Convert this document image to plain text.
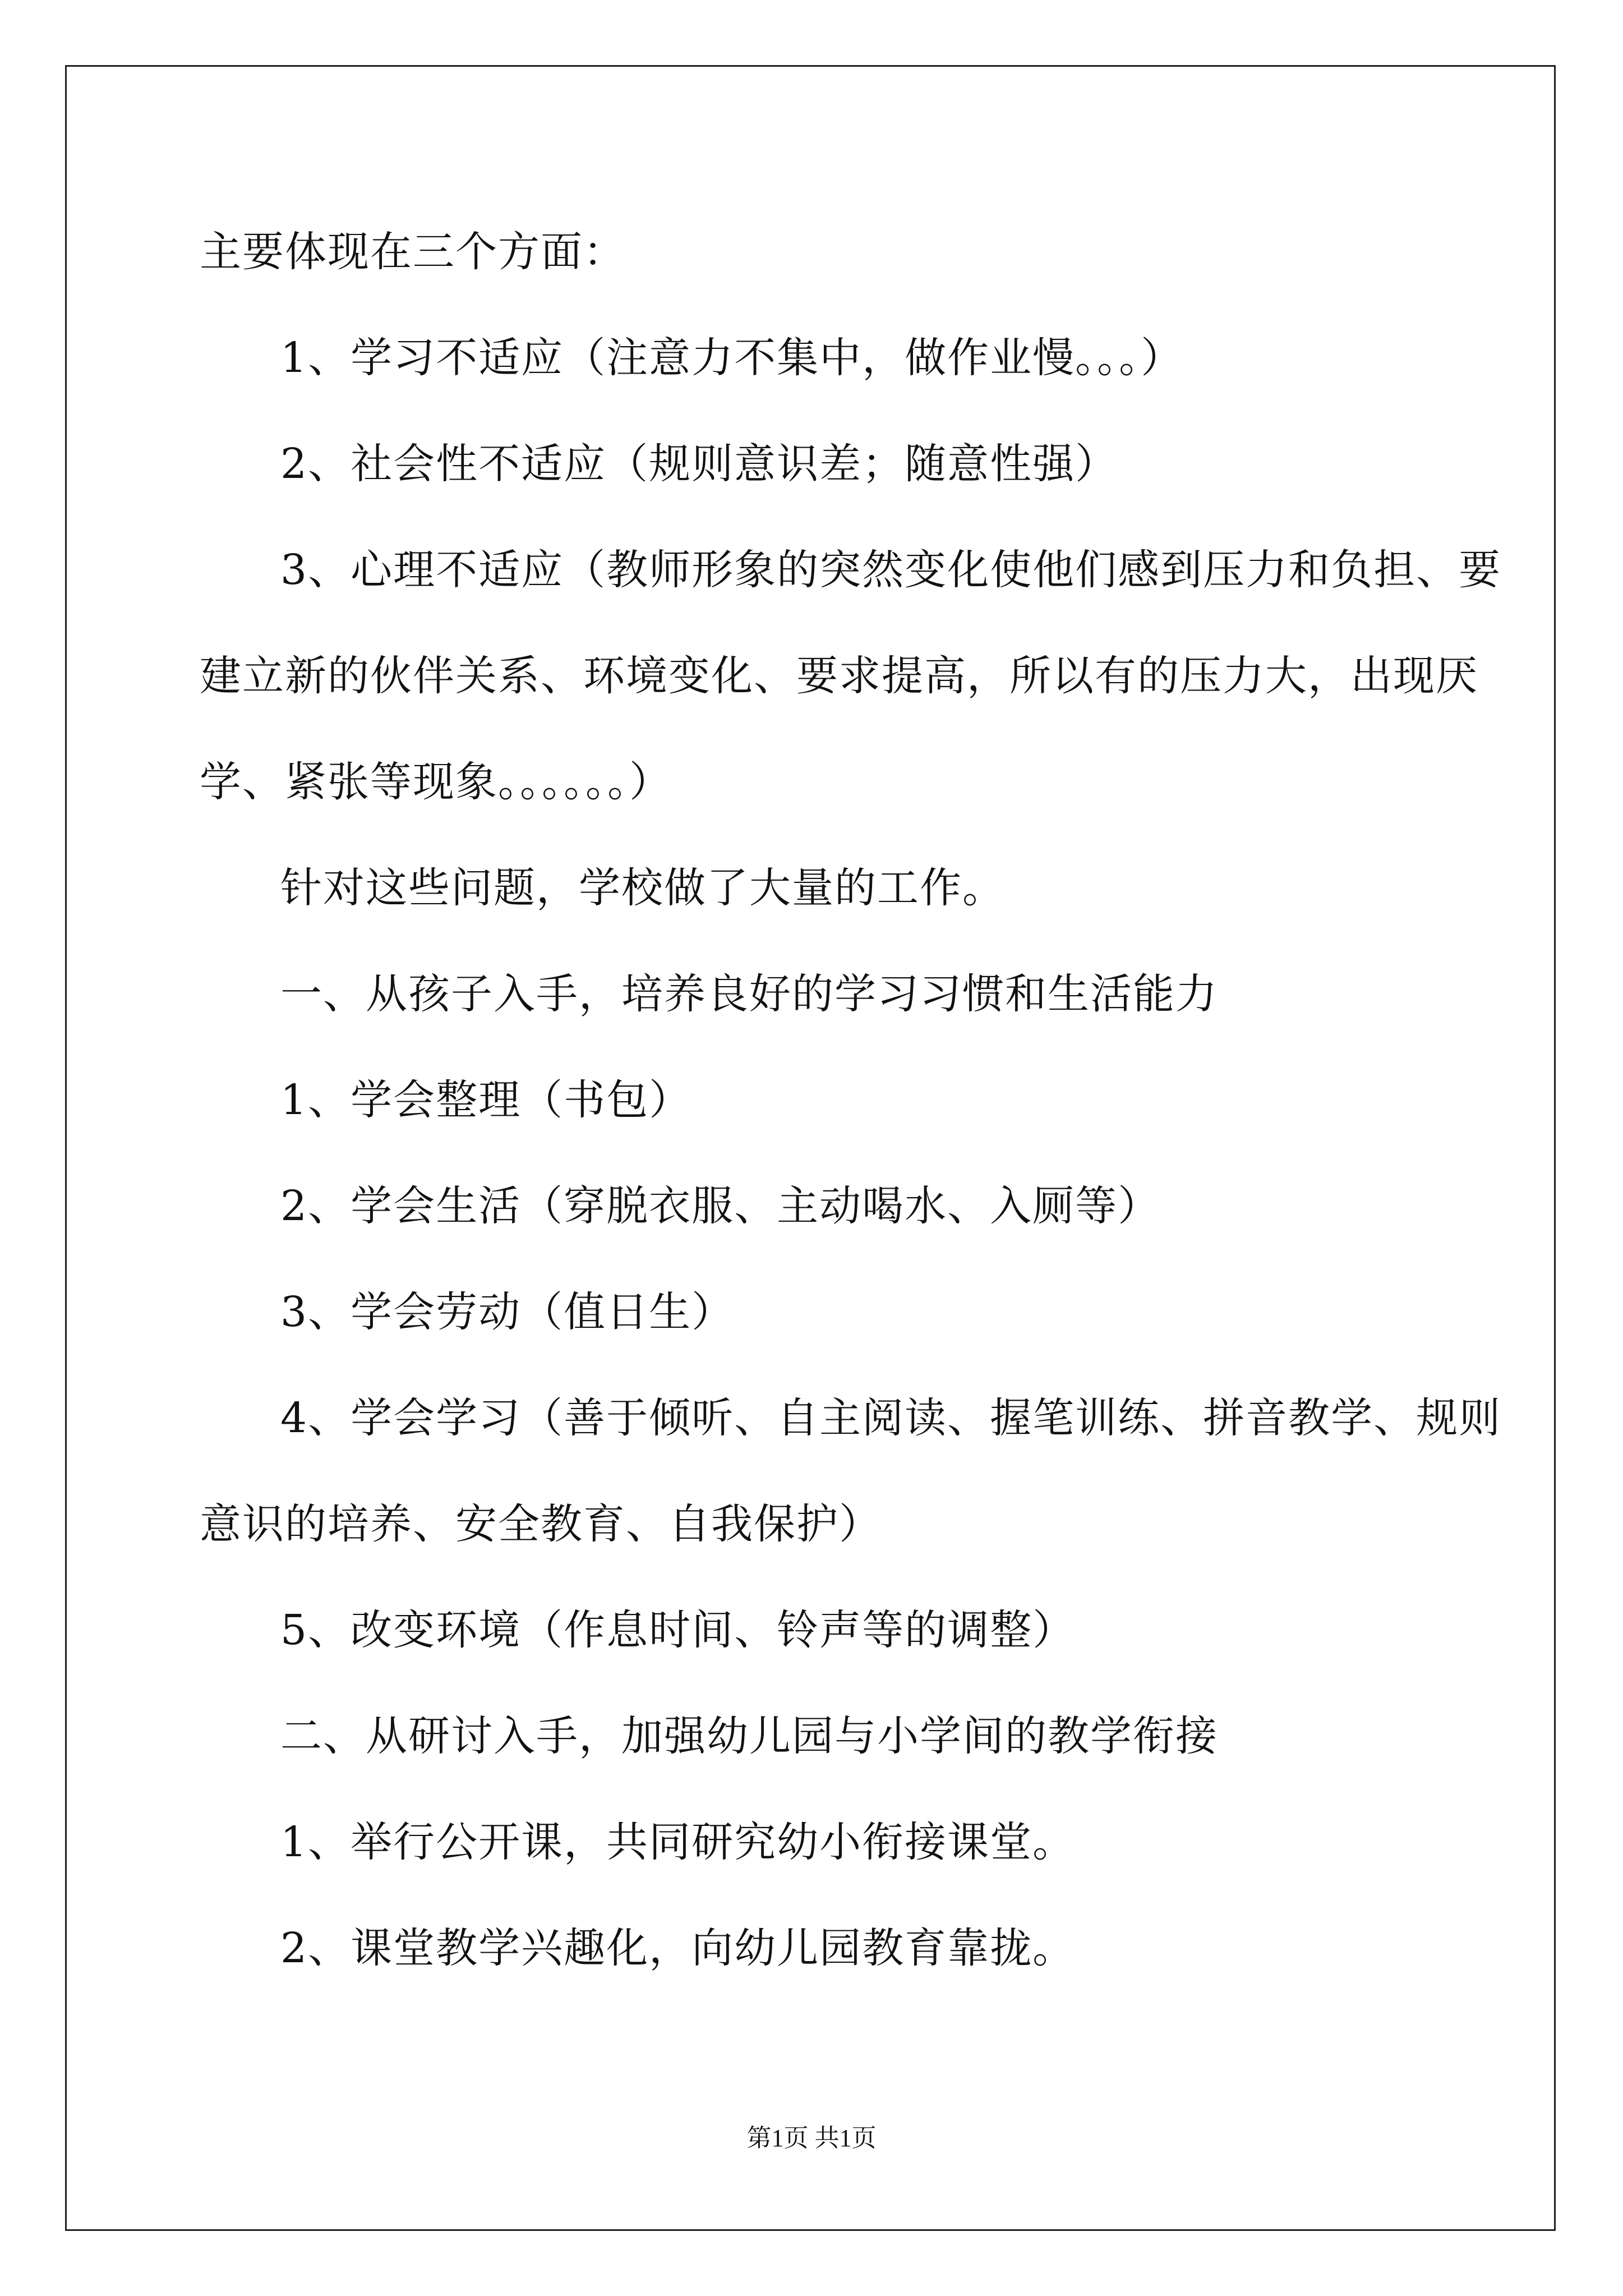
主要体现在三个方面：
1、学习不适应（注意力不集中，做作业慢。。。）
2、社会性不适应（规则意识差；随意性强）
3、心理不适应（教师形象的突然变化使他们感到压力和负担、要
建立新的伙伴关系、环境变化、要求提高，所以有的压力大，出现厌
学、紧张等现象。。。。。。）
针对这些问题，学校做了大量的工作。
一、从孩子入手，培养良好的学习习惯和生活能力
1、学会整理（书包）
2、学会生活（穿脱衣服、主动喝水、入厕等）
3、学会劳动（值日生）
4、学会学习（善于倾听、自主阅读、握笔训练、拼音教学、规则
意识的培养、安全教育、自我保护）
5、改变环境（作息时间、铃声等的调整）
二、从研讨入手，加强幼儿园与小学间的教学衔接
1、举行公开课，共同研究幼小衔接课堂。
2、课堂教学兴趣化，向幼儿园教育靠拢。
第1页 共1页
